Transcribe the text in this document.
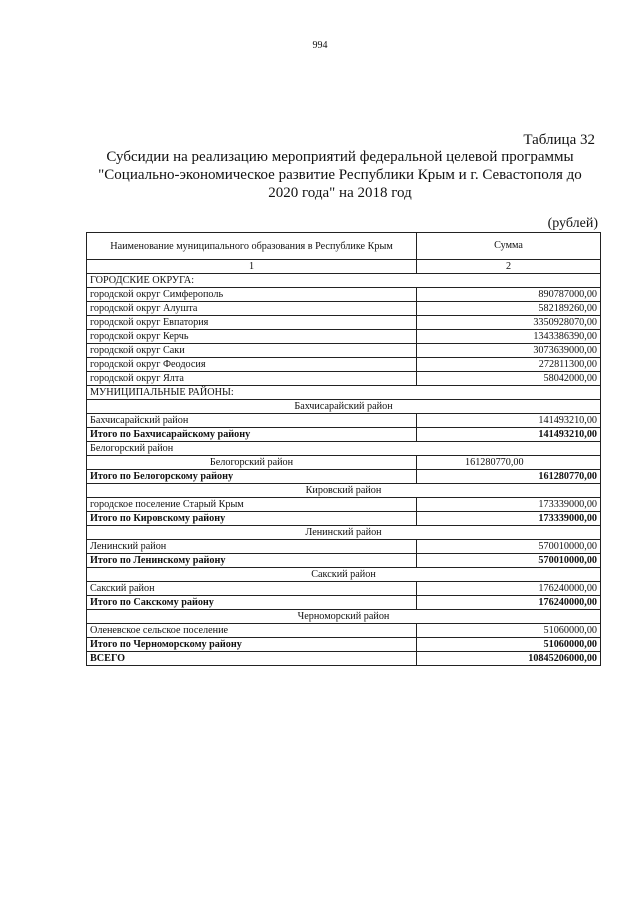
994
Таблица 32
Субсидии на реализацию мероприятий федеральной целевой программы
"Социально-экономическое развитие Республики Крым и г. Севастополя до
2020 года" на 2018 год
(рублей)
Наименование муниципального образования в Республике Крым	Сумма
1	2
ГОРОДСКИЕ ОКРУГА:	
городской округ Симферополь	890787000,00
городской округ Алушта	582189260,00
городской округ Евпатория	3350928070,00
городской округ Керчь	1343386390,00
городской округ Саки	3073639000,00
городской округ Феодосия	272811300,00
городской округ Ялта	58042000,00
МУНИЦИПАЛЬНЫЕ РАЙОНЫ:	
Бахчисарайский район	
Бахчисарайский район	141493210,00
Итого по Бахчисарайскому району	141493210,00
Белогорский район	
Белогорский район	161280770,00
Итого по Белогорскому району	161280770,00
Кировский район	
городское поселение Старый Крым	173339000,00
Итого по Кировскому району	173339000,00
Ленинский район	
Ленинский район	570010000,00
Итого по Ленинскому району	570010000,00
Сакский район	
Сакский район	176240000,00
Итого по Сакскому району	176240000,00
Черноморский район	
Оленевское сельское поселение	51060000,00
Итого по Черноморскому району	51060000,00
ВСЕГО	10845206000,00
